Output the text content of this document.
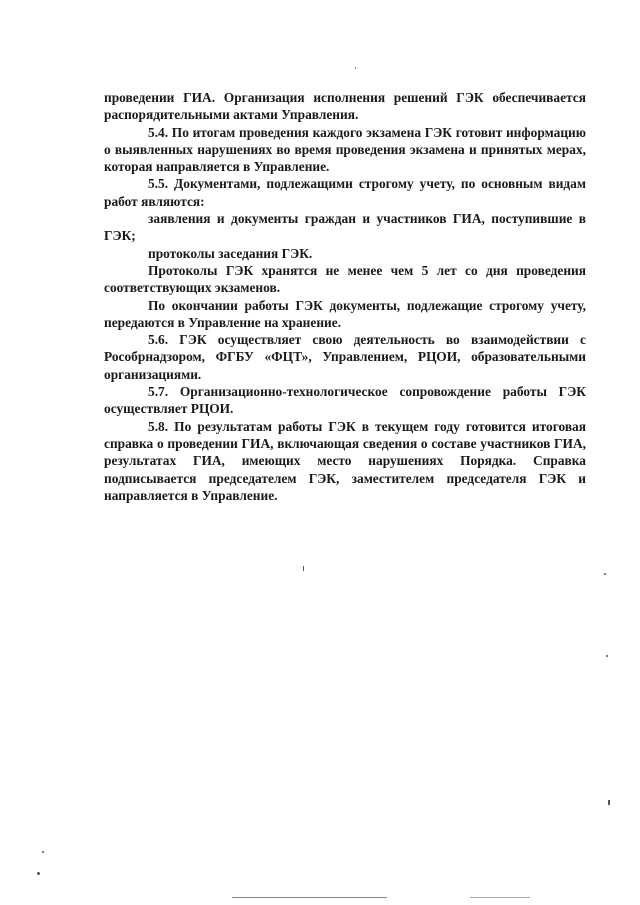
проведении ГИА. Организация исполнения решений ГЭК обеспечивается распорядительными актами Управления.

5.4. По итогам проведения каждого экзамена ГЭК готовит информацию о выявленных нарушениях во время проведения экзамена и принятых мерах, которая направляется в Управление.

5.5. Документами, подлежащими строгому учету, по основным видам работ являются:

заявления и документы граждан и участников ГИА, поступившие в ГЭК;

протоколы заседания ГЭК.

Протоколы ГЭК хранятся не менее чем 5 лет со дня проведения соответствующих экзаменов.

По окончании работы ГЭК документы, подлежащие строгому учету, передаются в Управление на хранение.

5.6. ГЭК осуществляет свою деятельность во взаимодействии с Рособрнадзором, ФГБУ «ФЦТ», Управлением, РЦОИ, образовательными организациями.

5.7. Организационно-технологическое сопровождение работы ГЭК осуществляет РЦОИ.

5.8. По результатам работы ГЭК в текущем году готовится итоговая справка о проведении ГИА, включающая сведения о составе участников ГИА, результатах ГИА, имеющих место нарушениях Порядка. Справка подписывается председателем ГЭК, заместителем председателя ГЭК и направляется в Управление.
